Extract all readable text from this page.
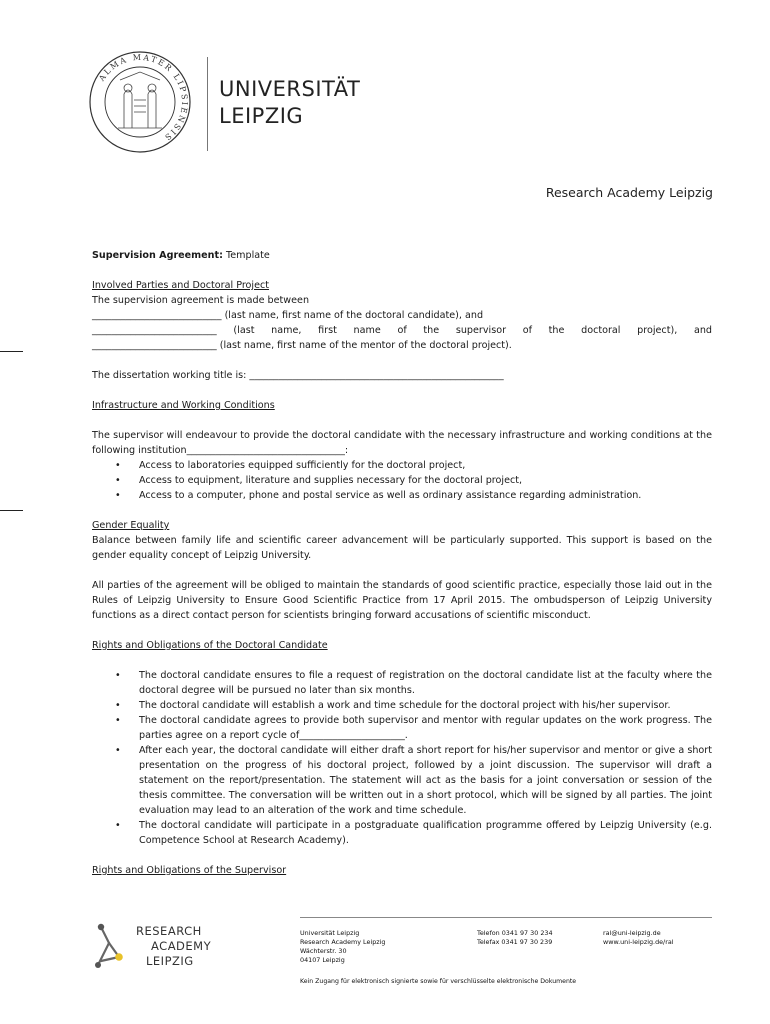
ALMA MATER LIPSIENSIS
UNIVERSITÄT
LEIPZIG
Research Academy Leipzig

Supervision Agreement: Template

Involved Parties and Doctoral Project

The supervision agreement is made between

___________________________ (last name, first name of the doctoral candidate), and

__________________________ (last name, first name of the supervisor of the doctoral project), and

__________________________ (last name, first name of the mentor of the doctoral project).

The dissertation working title is: _____________________________________________________

Infrastructure and Working Conditions

The supervisor will endeavour to provide the doctoral candidate with the necessary infrastructure and working conditions at the following institution_________________________________:

• Access to laboratories equipped sufficiently for the doctoral project,
• Access to equipment, literature and supplies necessary for the doctoral project,
• Access to a computer, phone and postal service as well as ordinary assistance regarding administration.

Gender Equality

Balance between family life and scientific career advancement will be particularly supported. This support is based on the gender equality concept of Leipzig University.

All parties of the agreement will be obliged to maintain the standards of good scientific practice, especially those laid out in the Rules of Leipzig University to Ensure Good Scientific Practice from 17 April 2015. The ombudsperson of Leipzig University functions as a direct contact person for scientists bringing forward accusations of scientific misconduct.

Rights and Obligations of the Doctoral Candidate

• The doctoral candidate ensures to file a request of registration on the doctoral candidate list at the faculty where the doctoral degree will be pursued no later than six months.
• The doctoral candidate will establish a work and time schedule for the doctoral project with his/her supervisor.
• The doctoral candidate agrees to provide both supervisor and mentor with regular updates on the work progress. The parties agree on a report cycle of______________________.
• After each year, the doctoral candidate will either draft a short report for his/her supervisor and mentor or give a short presentation on the progress of his doctoral project, followed by a joint discussion. The supervisor will draft a statement on the report/presentation. The statement will act as the basis for a joint conversation or session of the thesis committee. The conversation will be written out in a short protocol, which will be signed by all parties. The joint evaluation may lead to an alteration of the work and time schedule.
• The doctoral candidate will participate in a postgraduate qualification programme offered by Leipzig University (e.g. Competence School at Research Academy).

Rights and Obligations of the Supervisor

RESEARCH
ACADEMY
LEIPZIG
Universität Leipzig
Research Academy Leipzig
Wächterstr. 30
04107 Leipzig
Telefon 0341 97 30 234
Telefax 0341 97 30 239
ral@uni-leipzig.de
www.uni-leipzig.de/ral
Kein Zugang für elektronisch signierte sowie für verschlüsselte elektronische Dokumente
